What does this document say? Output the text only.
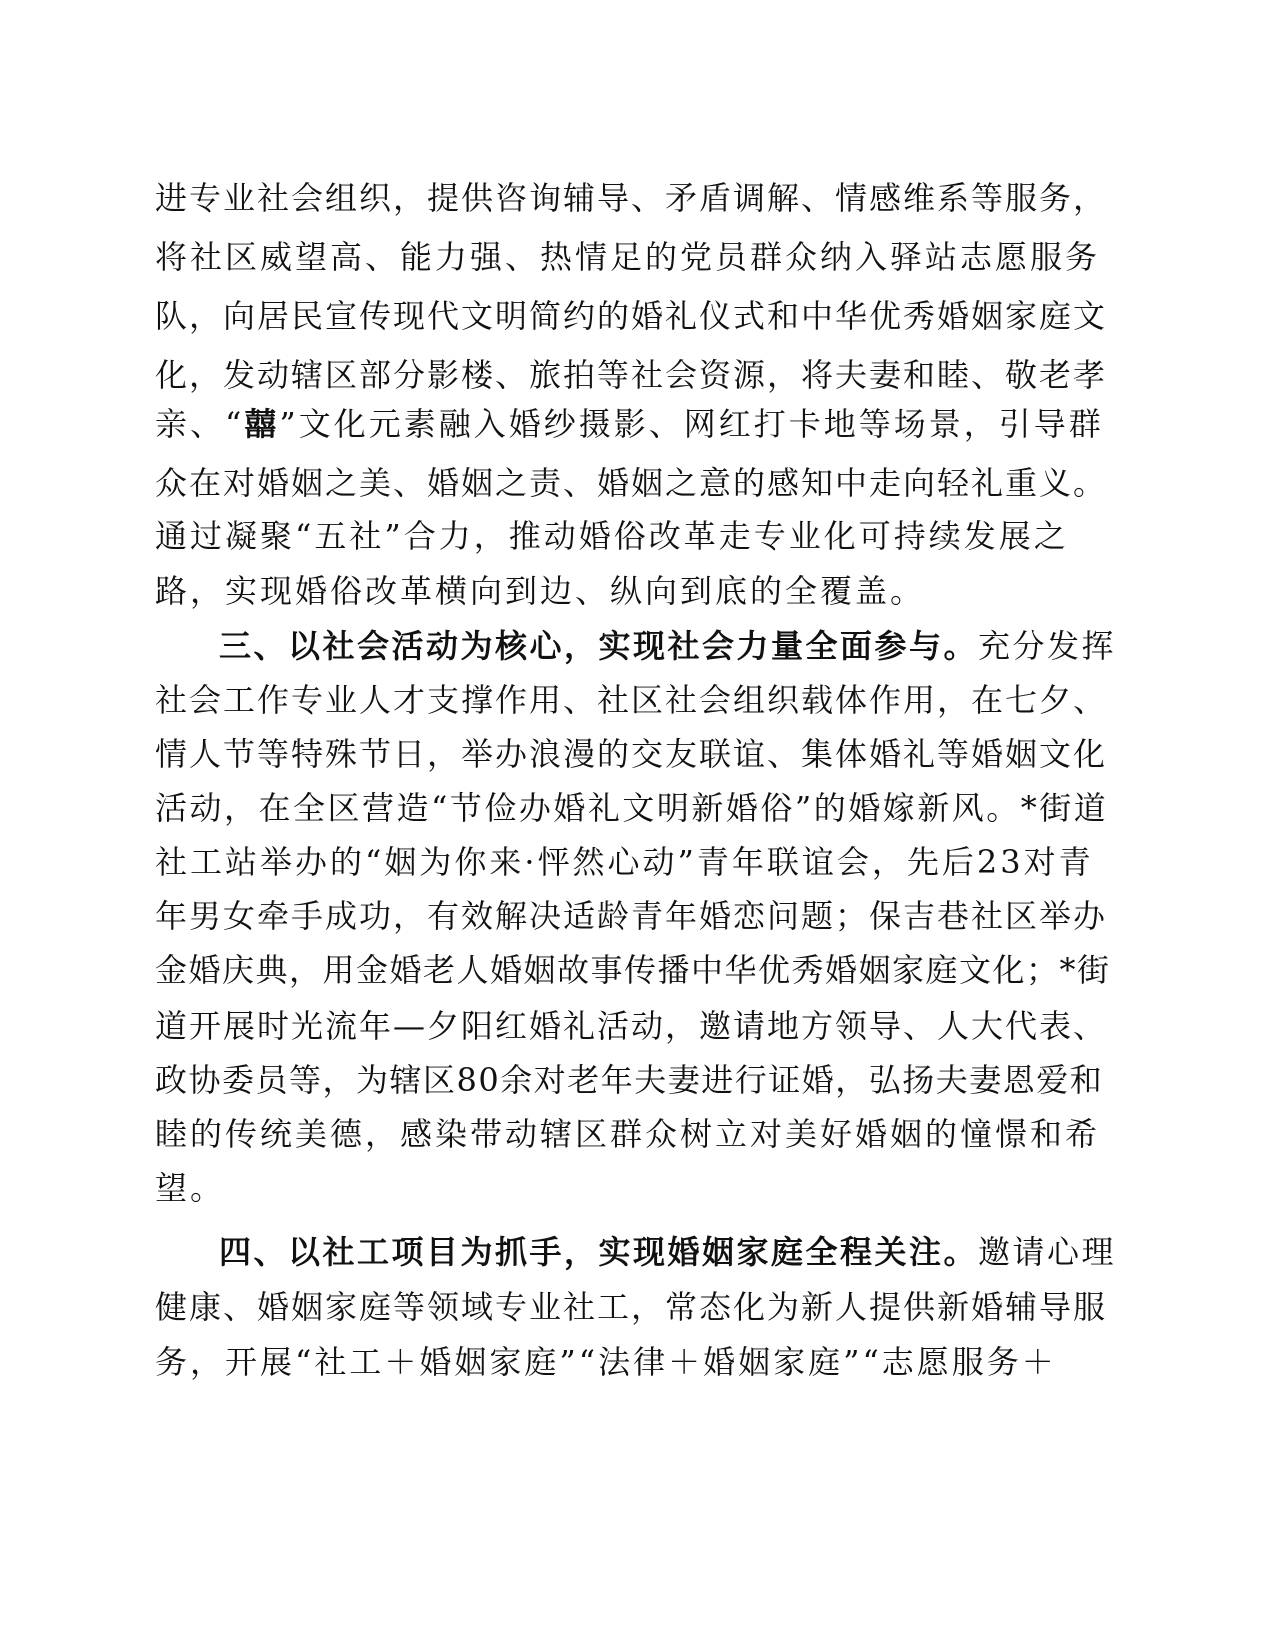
进专业社会组织，提供咨询辅导、矛盾调解、情感维系等服务，
将社区威望高、能力强、热情足的党员群众纳入驿站志愿服务
队，向居民宣传现代文明简约的婚礼仪式和中华优秀婚姻家庭文
化，发动辖区部分影楼、旅拍等社会资源，将夫妻和睦、敬老孝
亲、“囍”文化元素融入婚纱摄影、网红打卡地等场景，引导群
众在对婚姻之美、婚姻之责、婚姻之意的感知中走向轻礼重义。
通过凝聚“五社”合力，推动婚俗改革走专业化可持续发展之
路，实现婚俗改革横向到边、纵向到底的全覆盖。
三、以社会活动为核心，实现社会力量全面参与。充分发挥
社会工作专业人才支撑作用、社区社会组织载体作用，在七夕、
情人节等特殊节日，举办浪漫的交友联谊、集体婚礼等婚姻文化
活动，在全区营造“节俭办婚礼文明新婚俗”的婚嫁新风。*街道
社工站举办的“姻为你来·怦然心动”青年联谊会，先后23对青
年男女牵手成功，有效解决适龄青年婚恋问题；保吉巷社区举办
金婚庆典，用金婚老人婚姻故事传播中华优秀婚姻家庭文化；*街
道开展时光流年—夕阳红婚礼活动，邀请地方领导、人大代表、
政协委员等，为辖区80余对老年夫妻进行证婚，弘扬夫妻恩爱和
睦的传统美德，感染带动辖区群众树立对美好婚姻的憧憬和希
望。
四、以社工项目为抓手，实现婚姻家庭全程关注。邀请心理
健康、婚姻家庭等领域专业社工，常态化为新人提供新婚辅导服
务，开展“社工＋婚姻家庭”“法律＋婚姻家庭”“志愿服务＋
